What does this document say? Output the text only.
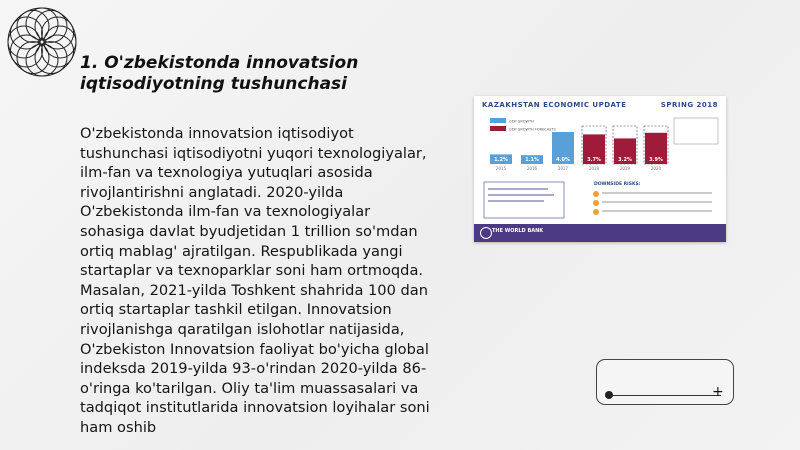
1. O'zbekistonda innovatsion iqtisodiyotning tushunchasi

O'zbekistonda innovatsion iqtisodiyot tushunchasi iqtisodiyotni yuqori texnologiyalar, ilm-fan va texnologiya yutuqlari asosida rivojlantirishni anglatadi. 2020-yilda O'zbekistonda ilm-fan va texnologiyalar sohasiga davlat byudjetidan 1 trillion so'mdan ortiq mablag' ajratilgan. Respublikada yangi startaplar va texnoparklar soni ham ortmoqda. Masalan, 2021-yilda Toshkent shahrida 100 dan ortiq startaplar tashkil etilgan. Innovatsion rivojlanishga qaratilgan islohotlar natijasida, O'zbekiston Innovatsion faoliyat bo'yicha global indeksda 2019-yilda 93-o'rindan 2020-yilda 86-o'ringa ko'tarilgan. Oliy ta'lim muassasalari va tadqiqot institutlarida innovatsion loyihalar soni ham oshib

KAZAKHSTAN ECONOMIC UPDATE	SPRING 2018
GDP GROWTH
GDP GROWTH FORECASTS
1.2%
2015
1.1%
2016
4.0%
2017
3.7%
2018
3.2%
2019
3.9%
2020
DOWNSIDE RISKS:
THE WORLD BANK
+
